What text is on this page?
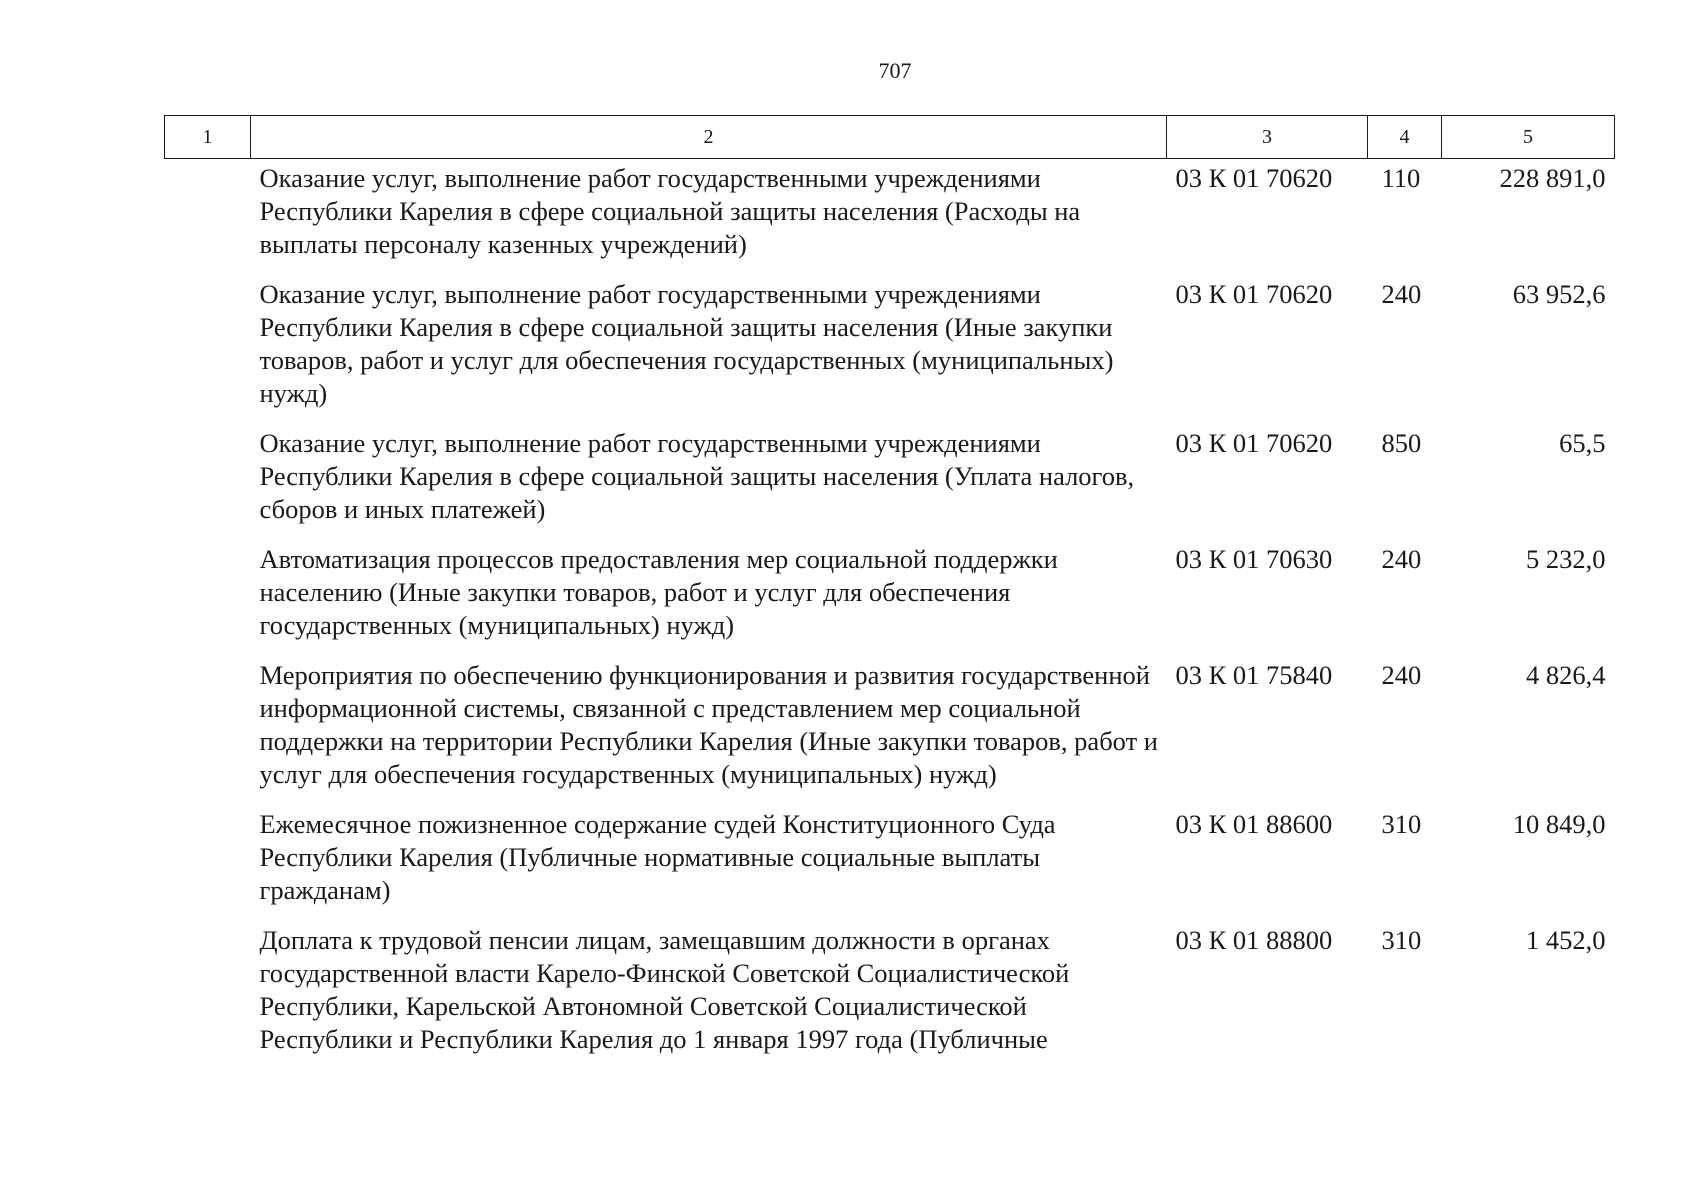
707
1	2	3	4	5

	Оказание услуг, выполнение работ государственными учреждениями Республики Карелия в сфере социальной защиты населения (Расходы на выплаты персоналу казенных учреждений)	03 К 01 70620	110	228 891,0

	Оказание услуг, выполнение работ государственными учреждениями Республики Карелия в сфере социальной защиты населения (Иные закупки товаров, работ и услуг для обеспечения государственных (муниципальных) нужд)	03 К 01 70620	240	63 952,6

	Оказание услуг, выполнение работ государственными учреждениями Республики Карелия в сфере социальной защиты населения (Уплата налогов, сборов и иных платежей)	03 К 01 70620	850	65,5

	Автоматизация процессов предоставления мер социальной поддержки населению (Иные закупки товаров, работ и услуг для обеспечения государственных (муниципальных) нужд)	03 К 01 70630	240	5 232,0

	Мероприятия по обеспечению функционирования и развития государственной информационной системы, связанной с представлением мер социальной поддержки на территории Республики Карелия (Иные закупки товаров, работ и услуг для обеспечения государственных (муниципальных) нужд)	03 К 01 75840	240	4 826,4

	Ежемесячное пожизненное содержание судей Конституционного Суда Республики Карелия (Публичные нормативные социальные выплаты гражданам)	03 К 01 88600	310	10 849,0

	Доплата к трудовой пенсии лицам, замещавшим должности в органах государственной власти Карело-Финской Советской Социалистической Республики, Карельской Автономной Советской Социалистической Республики и Республики Карелия до 1 января 1997 года (Публичные	03 К 01 88800	310	1 452,0
